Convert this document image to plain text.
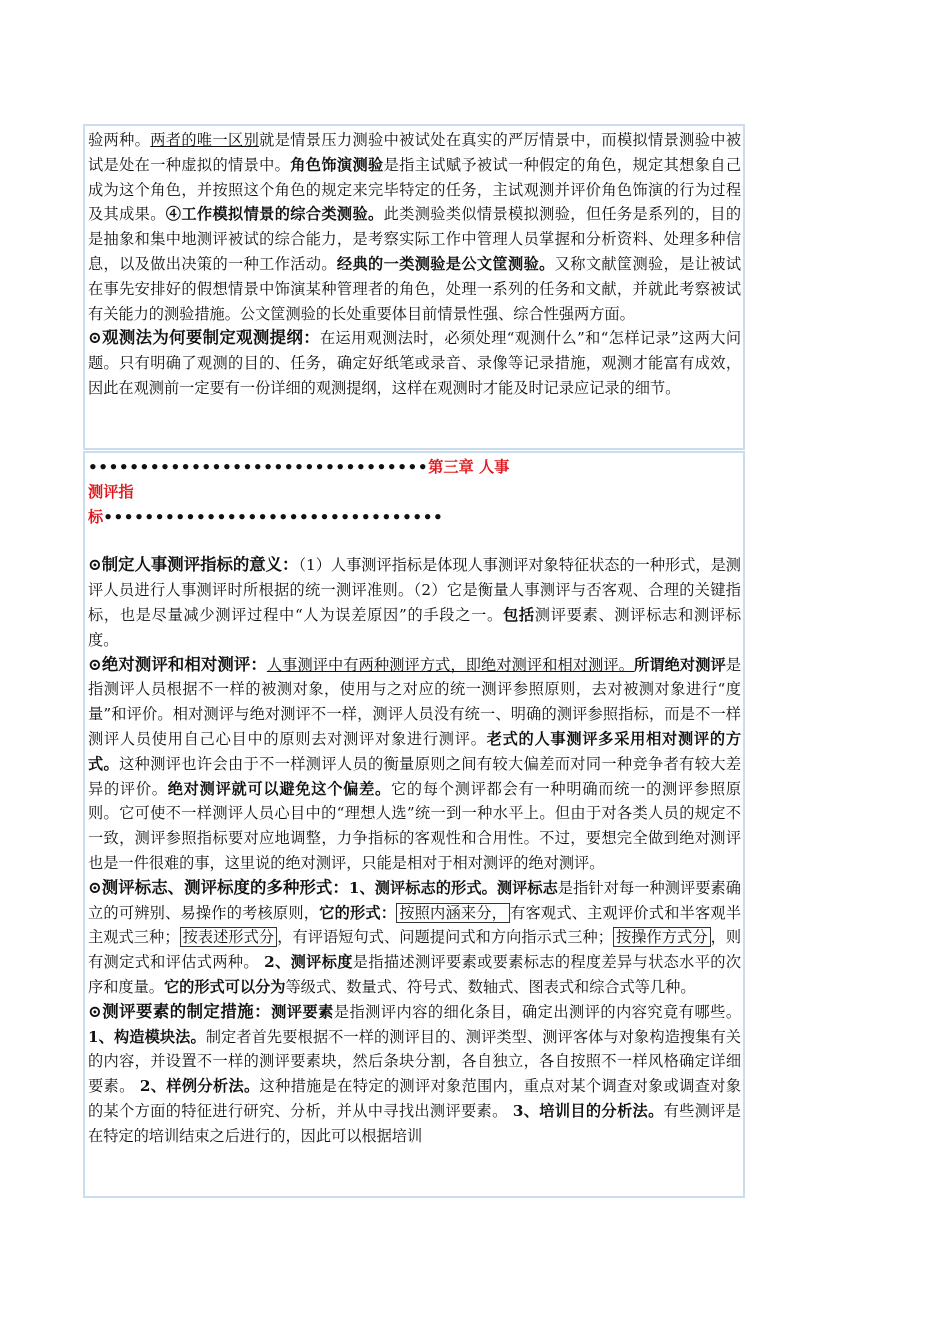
验两种。两者的唯一区别就是情景压力测验中被试处在真实的严厉情景中，而模拟情景测验中被试是处在一种虚拟的情景中。角色饰演测验是指主试赋予被试一种假定的角色，规定其想象自己成为这个角色，并按照这个角色的规定来完毕特定的任务，主试观测并评价角色饰演的行为过程及其成果。④工作模拟情景的综合类测验。此类测验类似情景模拟测验，但任务是系列的，目的是抽象和集中地测评被试的综合能力，是考察实际工作中管理人员掌握和分析资料、处理多种信息，以及做出决策的一种工作活动。经典的一类测验是公文筐测验。又称文献筐测验，是让被试在事先安排好的假想情景中饰演某种管理者的角色，处理一系列的任务和文献，并就此考察被试有关能力的测验措施。公文筐测验的长处重要体目前情景性强、综合性强两方面。

⊙观测法为何要制定观测提纲：在运用观测法时，必须处理“观测什么”和“怎样记录”这两大问题。只有明确了观测的目的、任务，确定好纸笔或录音、录像等记录措施，观测才能富有成效，因此在观测前一定要有一份详细的观测提纲，这样在观测时才能及时记录应记录的细节。

•••••••••••••••••••••••••••••••••第三章 人事
测评指
标•••••••••••••••••••••••••••••••••

⊙制定人事测评指标的意义：（1）人事测评指标是体现人事测评对象特征状态的一种形式，是测评人员进行人事测评时所根据的统一测评准则。（2）它是衡量人事测评与否客观、合理的关键指标，也是尽量减少测评过程中“人为误差原因”的手段之一。包括测评要素、测评标志和测评标度。

⊙绝对测评和相对测评：人事测评中有两种测评方式，即绝对测评和相对测评。所谓绝对测评是指测评人员根据不一样的被测对象，使用与之对应的统一测评参照原则，去对被测对象进行“度量”和评价。相对测评与绝对测评不一样，测评人员没有统一、明确的测评参照指标，而是不一样测评人员使用自己心目中的原则去对测评对象进行测评。老式的人事测评多采用相对测评的方式。这种测评也许会由于不一样测评人员的衡量原则之间有较大偏差而对同一种竞争者有较大差异的评价。绝对测评就可以避免这个偏差。它的每个测评都会有一种明确而统一的测评参照原则。它可使不一样测评人员心目中的“理想人选”统一到一种水平上。但由于对各类人员的规定不一致，测评参照指标要对应地调整，力争指标的客观性和合用性。不过，要想完全做到绝对测评也是一件很难的事，这里说的绝对测评，只能是相对于相对测评的绝对测评。

⊙测评标志、测评标度的多种形式：1、测评标志的形式。测评标志是指针对每一种测评要素确立的可辨别、易操作的考核原则，它的形式： 按照内涵来分， 有客观式、主观评价式和半客观半主观式三种； 按表述形式分 ，有评语短句式、问题提问式和方向指示式三种； 按操作方式分 ，则有测定式和评估式两种。 2、测评标度是指描述测评要素或要素标志的程度差异与状态水平的次序和度量。它的形式可以分为等级式、数量式、符号式、数轴式、图表式和综合式等几种。

⊙测评要素的制定措施：测评要素是指测评内容的细化条目，确定出测评的内容究竟有哪些。1、构造模块法。制定者首先要根据不一样的测评目的、测评类型、测评客体与对象构造搜集有关的内容，并设置不一样的测评要素块，然后条块分割，各自独立，各自按照不一样风格确定详细要素。 2、样例分析法。这种措施是在特定的测评对象范围内，重点对某个调查对象或调查对象的某个方面的特征进行研究、分析，并从中寻找出测评要素。 3、培训目的分析法。有些测评是在特定的培训结束之后进行的，因此可以根据培训
